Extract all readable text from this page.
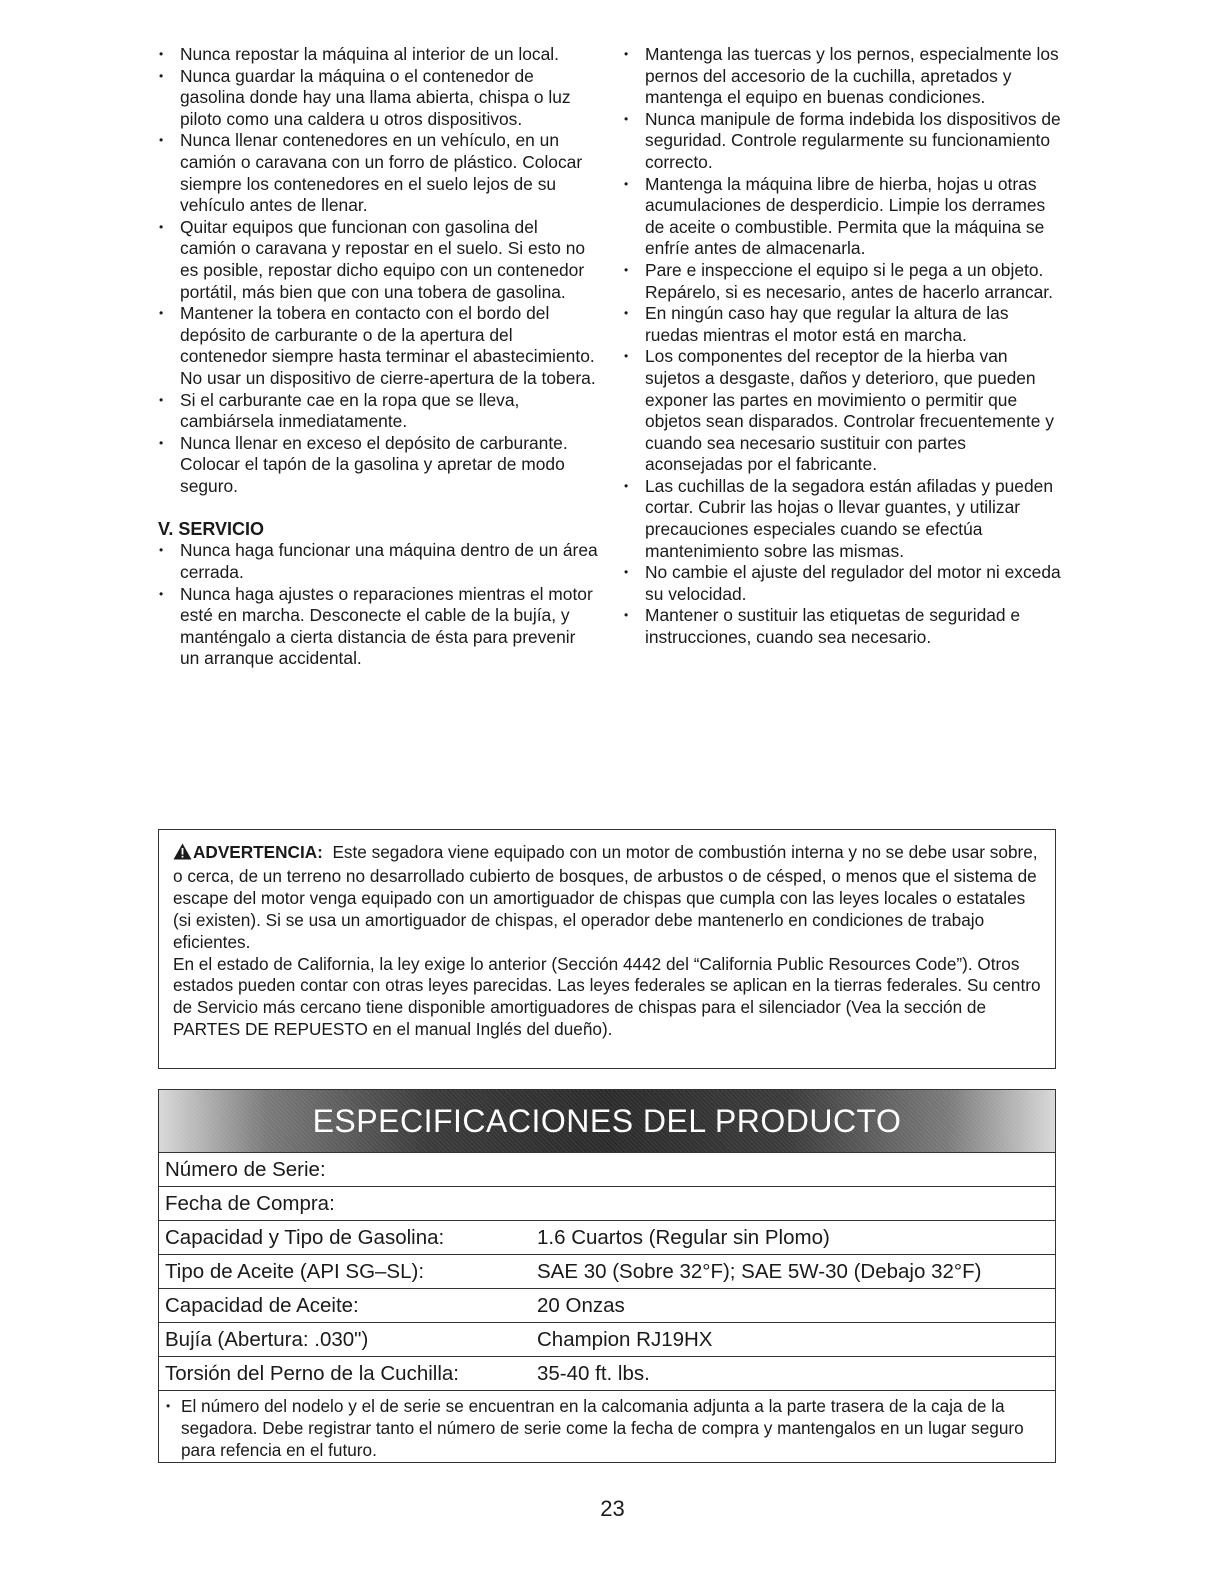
• Nunca repostar la máquina al interior de un local.
• Nunca guardar la máquina o el contenedor de gasolina donde hay una llama abierta, chispa o luz piloto como una caldera u otros dispositivos.
• Nunca llenar contenedores en un vehículo, en un camión o caravana con un forro de plástico. Colocar siempre los contenedores en el suelo lejos de su vehículo antes de llenar.
• Quitar equipos que funcionan con gasolina del camión o caravana y repostar en el suelo. Si esto no es posible, repostar dicho equipo con un contenedor portátil, más bien que con una tobera de gasolina.
• Mantener la tobera en contacto con el bordo del depósito de carburante o de la apertura del contenedor siempre hasta terminar el abastecimiento. No usar un dispositivo de cierre-apertura de la tobera.
• Si el carburante cae en la ropa que se lleva, cambiársela inmediatamente.
• Nunca llenar en exceso el depósito de carburante. Colocar el tapón de la gasolina y apretar de modo seguro.
V. SERVICIO
• Nunca haga funcionar una máquina dentro de un área cerrada.
• Nunca haga ajustes o reparaciones mientras el motor esté en marcha. Desconecte el cable de la bujía, y manténgalo a cierta distancia de ésta para prevenir un arranque accidental.
• Mantenga las tuercas y los pernos, especialmente los pernos del accesorio de la cuchilla, apretados y mantenga el equipo en buenas condiciones.
• Nunca manipule de forma indebida los dispositivos de seguridad. Controle regularmente su funcionamiento correcto.
• Mantenga la máquina libre de hierba, hojas u otras acumulaciones de desperdicio. Limpie los derrames de aceite o combustible. Permita que la máquina se enfríe antes de almacenarla.
• Pare e inspeccione el equipo si le pega a un objeto. Repárelo, si es necesario, antes de hacerlo arrancar.
• En ningún caso hay que regular la altura de las ruedas mientras el motor está en marcha.
• Los componentes del receptor de la hierba van sujetos a desgaste, daños y deterioro, que pueden exponer las partes en movimiento o permitir que objetos sean disparados. Controlar frecuentemente y cuando sea necesario sustituir con partes aconsejadas por el fabricante.
• Las cuchillas de la segadora están afiladas y pueden cortar. Cubrir las hojas o llevar guantes, y utilizar precauciones especiales cuando se efectúa mantenimiento sobre las mismas.
• No cambie el ajuste del regulador del motor ni exceda su velocidad.
• Mantener o sustituir las etiquetas de seguridad e instrucciones, cuando sea necesario.

ADVERTENCIA: Este segadora viene equipado con un motor de combustión interna y no se debe usar sobre, o cerca, de un terreno no desarrollado cubierto de bosques, de arbustos o de césped, o menos que el sistema de escape del motor venga equipado con un amortiguador de chispas que cumpla con las leyes locales o estatales (si existen). Si se usa un amortiguador de chispas, el operador debe mantenerlo en condiciones de trabajo eficientes.

En el estado de California, la ley exige lo anterior (Sección 4442 del “California Public Resources Code”). Otros estados pueden contar con otras leyes parecidas. Las leyes federales se aplican en la tierras federales. Su centro de Servicio más cercano tiene disponible amortiguadores de chispas para el silenciador (Vea la sección de PARTES DE REPUESTO en el manual Inglés del dueño).

ESPECIFICACIONES DEL PRODUCTO
Número de Serie:
Fecha de Compra:
Capacidad y Tipo de Gasolina:	1.6 Cuartos (Regular sin Plomo)
Tipo de Aceite (API SG–SL):	SAE 30 (Sobre 32°F); SAE 5W-30 (Debajo 32°F)
Capacidad de Aceite:	20 Onzas
Bujía (Abertura: .030")	Champion RJ19HX
Torsión del Perno de la Cuchilla:	35-40 ft. lbs.
• El número del nodelo y el de serie se encuentran en la calcomania adjunta a la parte trasera de la caja de la segadora. Debe registrar tanto el número de serie come la fecha de compra y mantengalos en un lugar seguro para refencia en el futuro.
23
